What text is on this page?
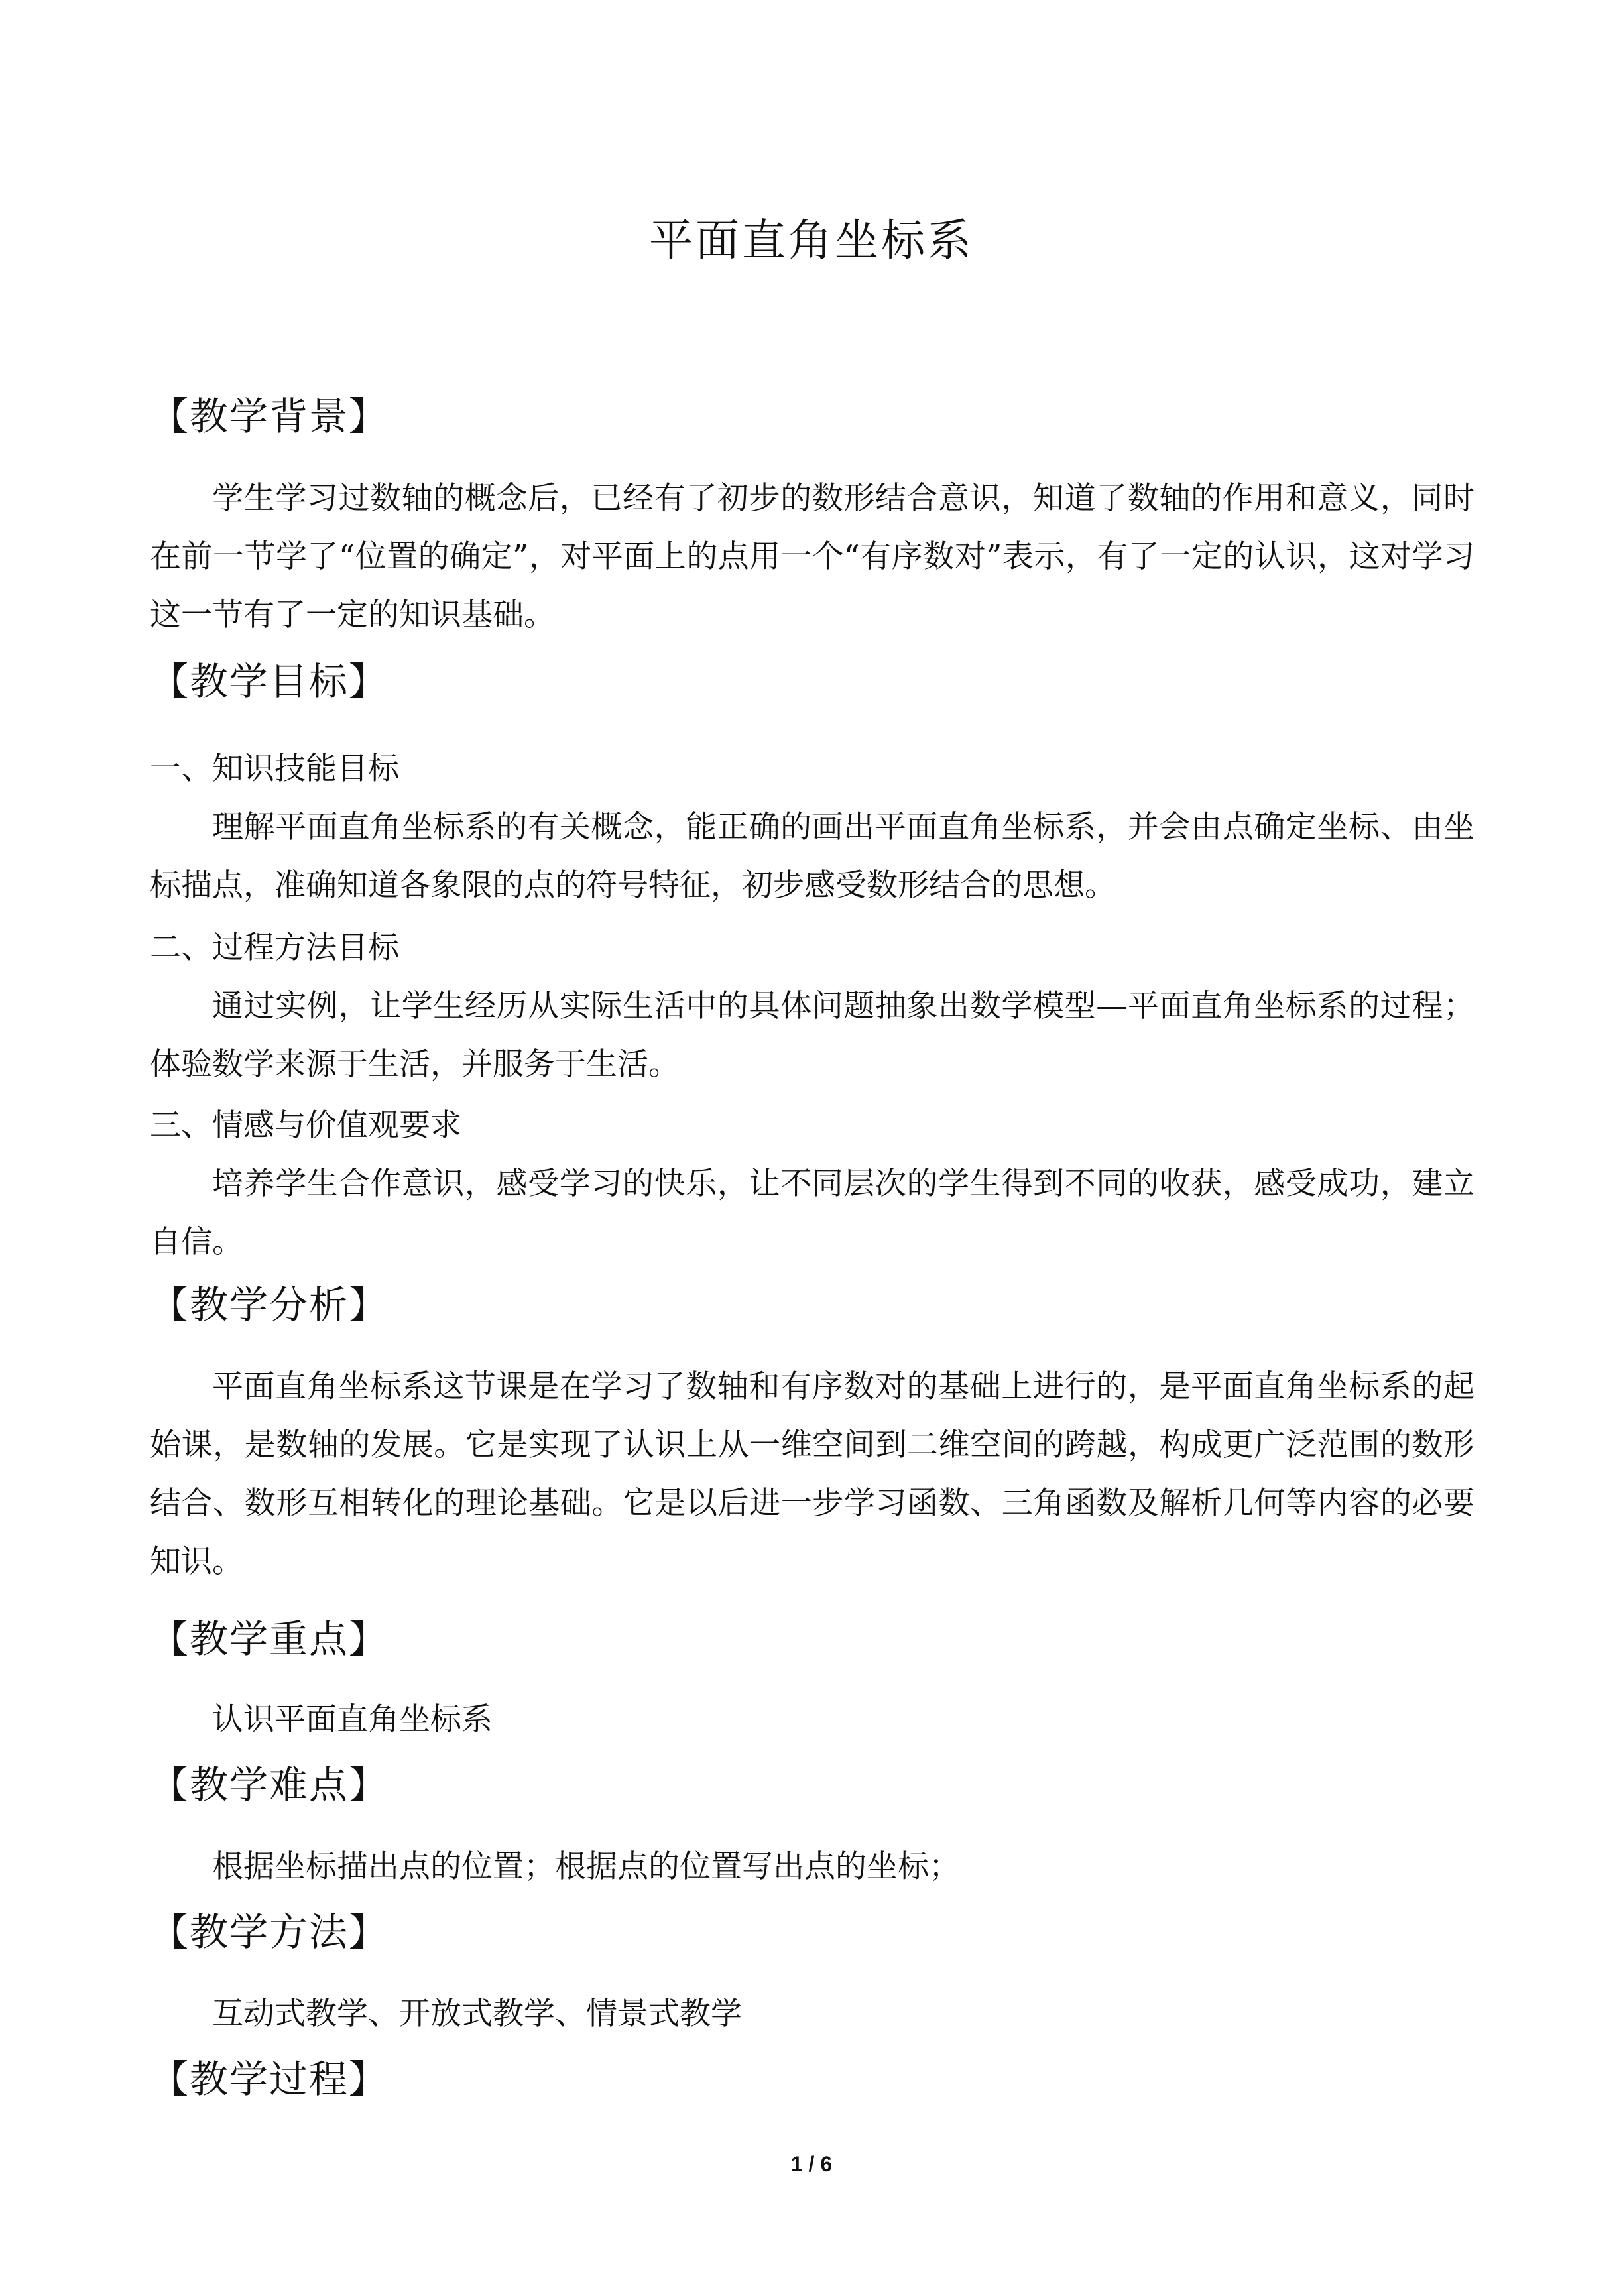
平面直角坐标系
【教学背景】
学生学习过数轴的概念后，已经有了初步的数形结合意识，知道了数轴的作用和意义，同时在前一节学了“位置的确定”，对平面上的点用一个“有序数对”表示，有了一定的认识，这对学习这一节有了一定的知识基础。
【教学目标】
一、知识技能目标
理解平面直角坐标系的有关概念，能正确的画出平面直角坐标系，并会由点确定坐标、由坐标描点，准确知道各象限的点的符号特征，初步感受数形结合的思想。
二、过程方法目标
通过实例，让学生经历从实际生活中的具体问题抽象出数学模型—平面直角坐标系的过程；体验数学来源于生活，并服务于生活。
三、情感与价值观要求
培养学生合作意识，感受学习的快乐，让不同层次的学生得到不同的收获，感受成功，建立自信。
【教学分析】
平面直角坐标系这节课是在学习了数轴和有序数对的基础上进行的，是平面直角坐标系的起始课，是数轴的发展。它是实现了认识上从一维空间到二维空间的跨越，构成更广泛范围的数形结合、数形互相转化的理论基础。它是以后进一步学习函数、三角函数及解析几何等内容的必要知识。
【教学重点】
认识平面直角坐标系
【教学难点】
根据坐标描出点的位置；根据点的位置写出点的坐标；
【教学方法】
互动式教学、开放式教学、情景式教学
【教学过程】
1 / 6
